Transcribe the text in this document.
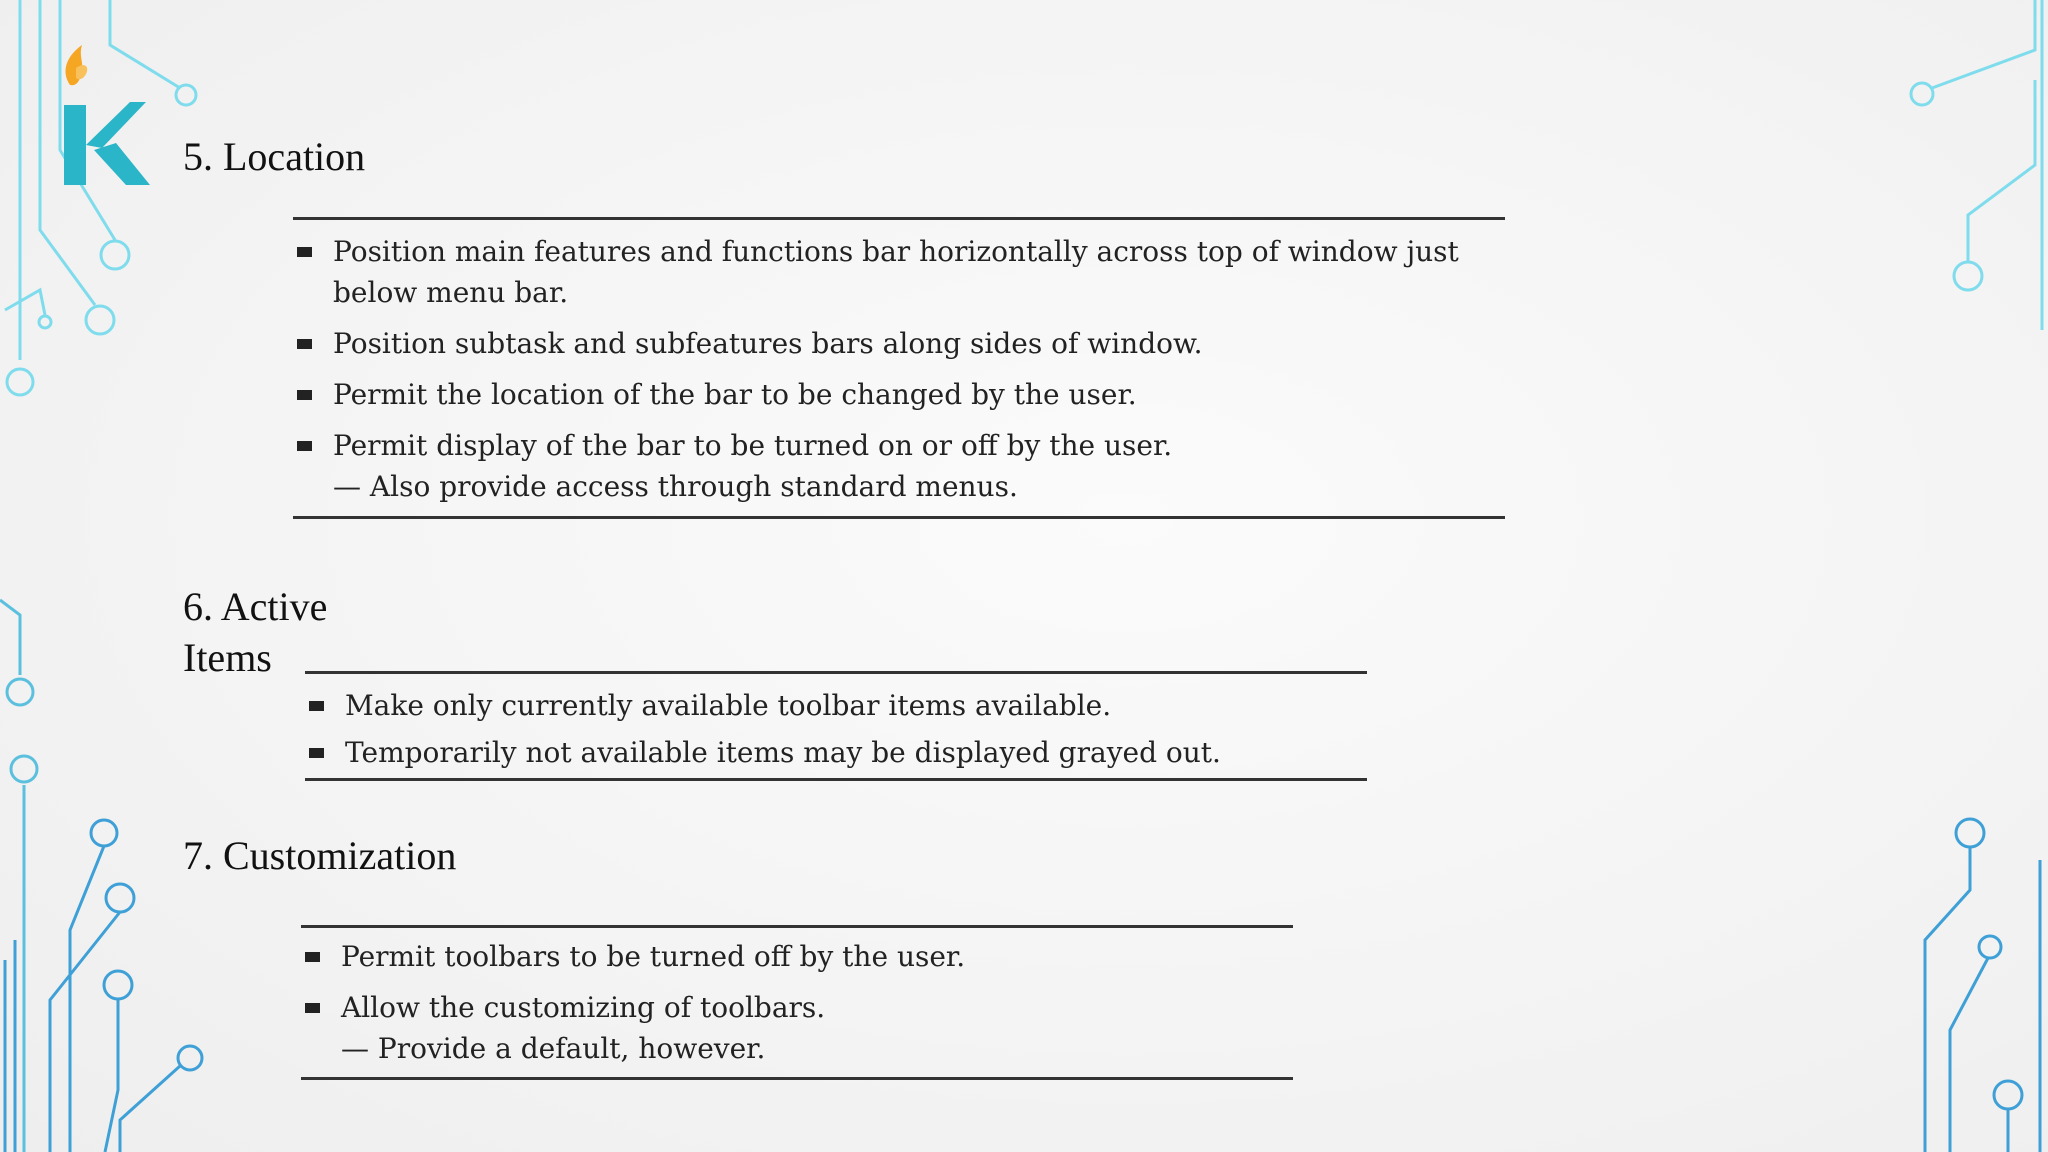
5. Location
Position main features and functions bar horizontally across top of window just below menu bar.
Position subtask and subfeatures bars along sides of window.
Permit the location of the bar to be changed by the user.
Permit display of the bar to be turned on or off by the user.
— Also provide access through standard menus.
6. Active
Items
Make only currently available toolbar items available.
Temporarily not available items may be displayed grayed out.
7. Customization
Permit toolbars to be turned off by the user.
Allow the customizing of toolbars.
— Provide a default, however.
